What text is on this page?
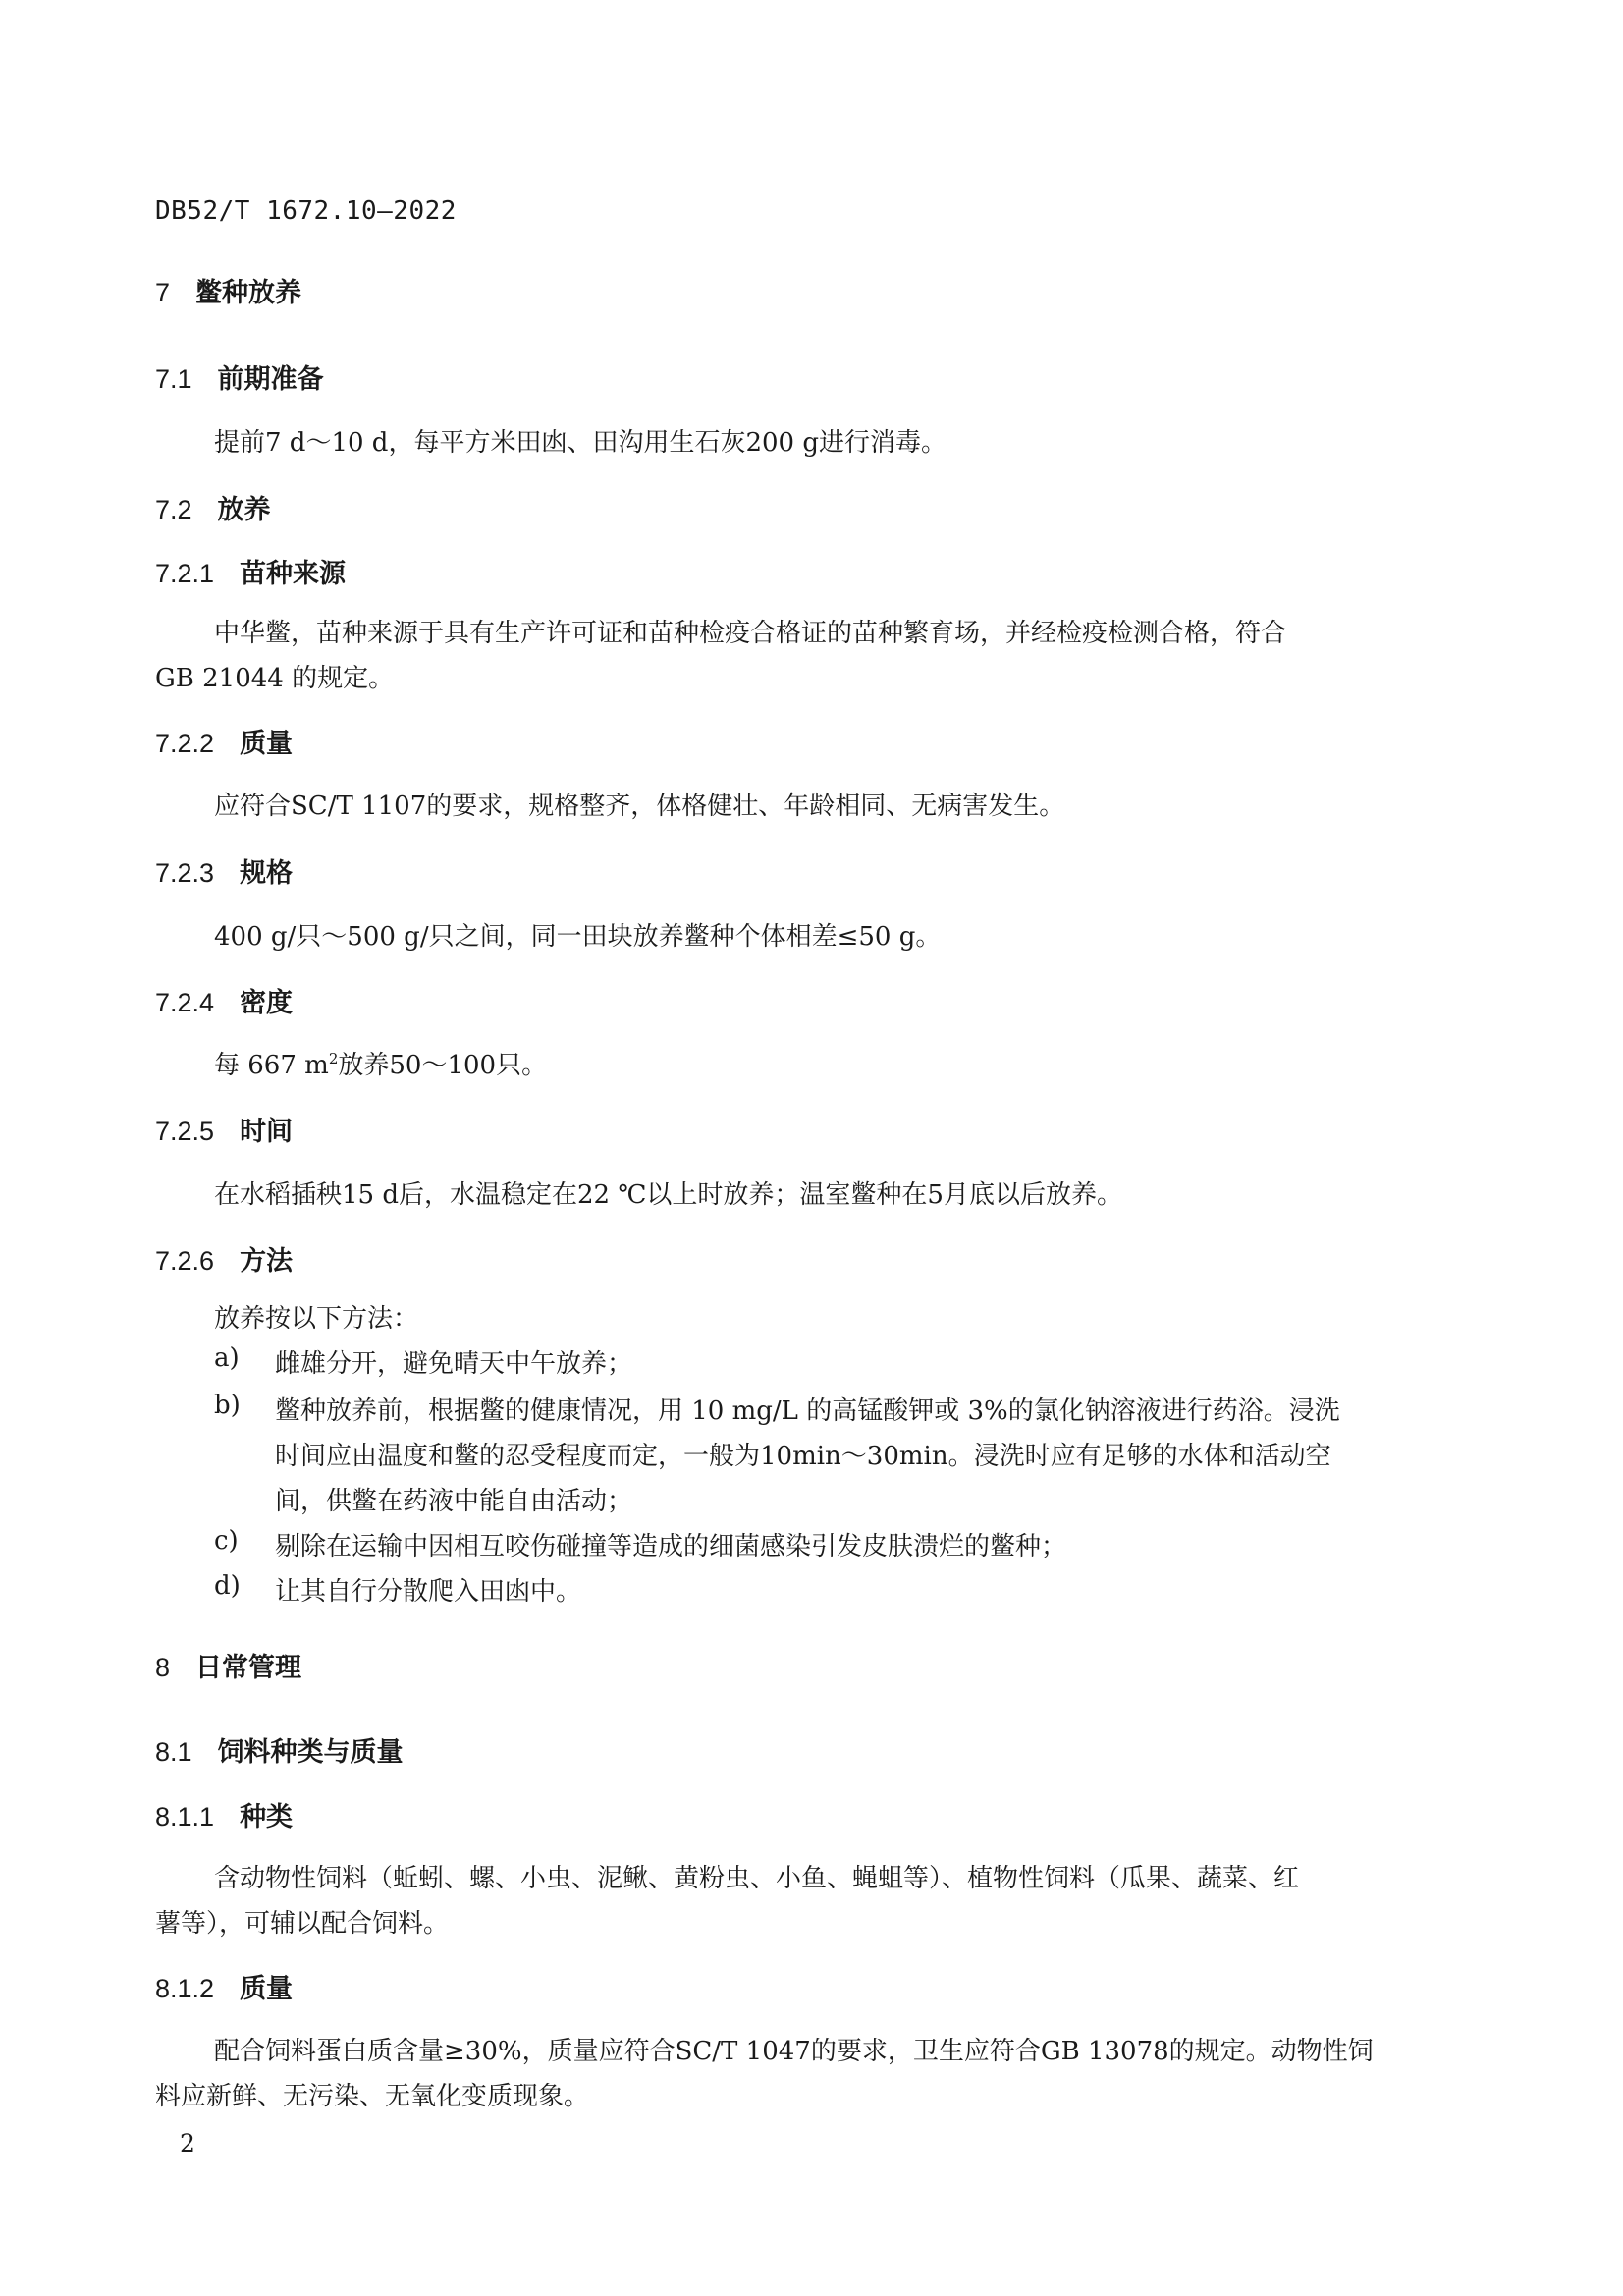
DB52/T 1672.10—2022
7 鳖种放养
7.1 前期准备
提前7 d～10 d，每平方米田凼、田沟用生石灰200 g进行消毒。
7.2 放养
7.2.1 苗种来源
中华鳖，苗种来源于具有生产许可证和苗种检疫合格证的苗种繁育场，并经检疫检测合格，符合
GB 21044 的规定。
7.2.2 质量
应符合SC/T 1107的要求，规格整齐，体格健壮、年龄相同、无病害发生。
7.2.3 规格
400 g/只～500 g/只之间，同一田块放养鳖种个体相差≤50 g。
7.2.4 密度
每 667 $m^2$放养50～100只。
7.2.5 时间
在水稻插秧15 d后，水温稳定在22 ℃以上时放养；温室鳖种在5月底以后放养。
7.2.6 方法
放养按以下方法：
a) 雌雄分开，避免晴天中午放养；
b) 鳖种放养前，根据鳖的健康情况，用 10 mg/L 的高锰酸钾或 3%的氯化钠溶液进行药浴。浸洗
时间应由温度和鳖的忍受程度而定，一般为10min～30min。浸洗时应有足够的水体和活动空
间，供鳖在药液中能自由活动；
c) 剔除在运输中因相互咬伤碰撞等造成的细菌感染引发皮肤溃烂的鳖种；
d) 让其自行分散爬入田凼中。
8 日常管理
8.1 饲料种类与质量
8.1.1 种类
含动物性饲料（蚯蚓、螺、小虫、泥鳅、黄粉虫、小鱼、蝇蛆等）、植物性饲料（瓜果、蔬菜、红
薯等），可辅以配合饲料。
8.1.2 质量
配合饲料蛋白质含量≥30%，质量应符合SC/T 1047的要求，卫生应符合GB 13078的规定。动物性饲
料应新鲜、无污染、无氧化变质现象。
2
